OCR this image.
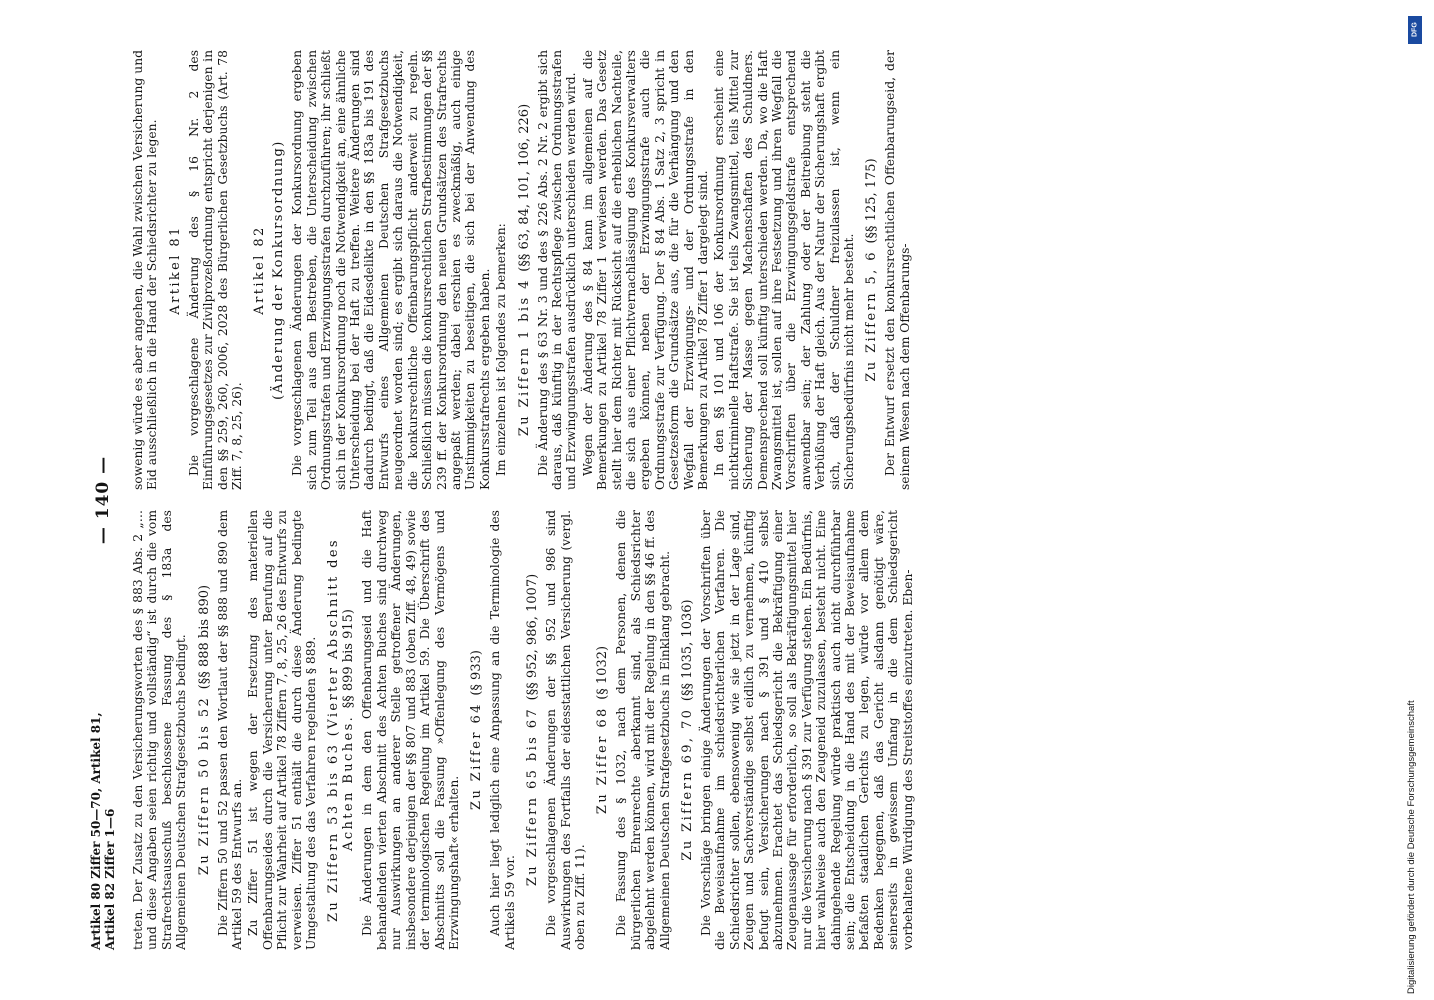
Artikel 80 Ziffer 50—70, Artikel 81, Artikel 82 Ziffer 1—6
— 140 —

treten. Der Zusatz zu den Versicherungsworten des § 883 Abs. 2 „… und diese Angaben seien richtig und vollständig“ ist durch die vom Strafrechtsausschuß beschlossene Fassung des § 183a des Allgemeinen Deutschen Strafgesetzbuchs bedingt. Zu Ziffern 50 bis 52 (§§ 888 bis 890) Die Ziffern 50 und 52 passen den Wortlaut der §§ 888 und 890 dem Artikel 59 des Entwurfs an. Zu Ziffer 51 ist wegen der Ersetzung des materiellen Offenbarungseides durch die Versicherung unter Berufung auf die Pflicht zur Wahrheit auf Artikel 78 Ziffern 7, 8, 25, 26 des Entwurfs zu verweisen. Ziffer 51 enthält die durch diese Änderung bedingte Umgestaltung des das Verfahren regelnden § 889. Zu Ziffern 53 bis 63 (Vierter Abschnitt des Achten Buches. §§ 899 bis 915) Die Änderungen in dem den Offenbarungseid und die Haft behandelnden vierten Abschnitt des Achten Buches sind durchweg nur Auswirkungen an anderer Stelle getroffener Änderungen, insbesondere derjenigen der §§ 807 und 883 (oben Ziff. 48, 49) sowie der terminologischen Regelung im Artikel 59. Die Überschrift des Abschnitts soll die Fassung »Offenlegung des Vermögens und Erzwingungshaft« erhalten.

Zu Ziffer 64 (§ 933) Auch hier liegt lediglich eine Anpassung an die Terminologie des Artikels 59 vor.

Zu Ziffern 65 bis 67 (§§ 952, 986, 1007) Die vorgeschlagenen Änderungen der §§ 952 und 986 sind Auswirkungen des Fortfalls der eidesstattlichen Versicherung (vergl. oben zu Ziff. 11).

Zu Ziffer 68 (§ 1032) Die Fassung des § 1032, nach dem Personen, denen die bürgerlichen Ehrenrechte aberkannt sind, als Schiedsrichter abgelehnt werden können, wird mit der Regelung in den §§ 46 ff. des Allgemeinen Deutschen Strafgesetzbuchs in Einklang gebracht. Zu Ziffern 69, 70 (§§ 1035, 1036) Die Vorschläge bringen einige Änderungen der Vorschriften über die Beweisaufnahme im schiedsrichterlichen Verfahren. Die Schiedsrichter sollen, ebensowenig wie sie jetzt in der Lage sind, Zeugen und Sachverständige selbst eidlich zu vernehmen, künftig befugt sein, Versicherungen nach § 391 und § 410 selbst abzunehmen. Erachtet das Schiedsgericht die Bekräftigung einer Zeugenaussage für erforderlich, so soll als Bekräftigungsmittel hier nur die Versicherung nach § 391 zur Verfügung stehen. Ein Bedürfnis, hier wahlweise auch den Zeugeneid zuzulassen, besteht nicht. Eine dahingehende Regelung würde praktisch auch nicht durchführbar sein; die Entscheidung in die Hand des mit der Beweisaufnahme befaßten staatlichen Gerichts zu legen, würde vor allem dem Bedenken begegnen, daß das Gericht alsdann genötigt wäre, seinerseits in gewissem Umfang in die dem Schiedsgericht vorbehaltene Würdigung des Streitstoffes einzutreten. Eben-

sowenig würde es aber angehen, die Wahl zwischen Versicherung und Eid ausschließlich in die Hand der Schiedsrichter zu legen. Artikel 81 Die vorgeschlagene Änderung des § 16 Nr. 2 des Einführungsgesetzes zur Zivilprozeßordnung entspricht derjenigen in den §§ 259, 260, 2006, 2028 des Bürgerlichen Gesetzbuchs (Art. 78 Ziff. 7, 8, 25, 26).

Artikel 82 (Änderung der Konkursordnung) Die vorgeschlagenen Änderungen der Konkursordnung ergeben sich zum Teil aus dem Bestreben, die Unterscheidung zwischen Ordnungsstrafen und Erzwingungsstrafen durchzuführen; ihr schließt sich in der Konkursordnung noch die Notwendigkeit an, eine ähnliche Unterscheidung bei der Haft zu treffen. Weitere Änderungen sind dadurch bedingt, daß die Eidesdelikte in den §§ 183a bis 191 des Entwurfs eines Allgemeinen Deutschen Strafgesetzbuchs neugeordnet worden sind; es ergibt sich daraus die Notwendigkeit, die konkursrechtliche Offenbarungspflicht anderweit zu regeln. Schließlich müssen die konkursrechtlichen Strafbestimmungen der §§ 239 ff. der Konkursordnung den neuen Grundsätzen des Strafrechts angepaßt werden; dabei erschien es zweckmäßig, auch einige Unstimmigkeiten zu beseitigen, die sich bei der Anwendung des Konkursstrafrechts ergeben haben. Im einzelnen ist folgendes zu bemerken: Zu Ziffern 1 bis 4 (§§ 63, 84, 101, 106, 226) Die Änderung des § 63 Nr. 3 und des § 226 Abs. 2 Nr. 2 ergibt sich daraus, daß künftig in der Rechtspflege zwischen Ordnungsstrafen und Erzwingungsstrafen ausdrücklich unterschieden werden wird. Wegen der Änderung des § 84 kann im allgemeinen auf die Bemerkungen zu Artikel 78 Ziffer 1 verwiesen werden. Das Gesetz stellt hier dem Richter mit Rücksicht auf die erheblichen Nachteile, die sich aus einer Pflichtvernachlässigung des Konkursverwalters ergeben können, neben der Erzwingungsstrafe auch die Ordnungsstrafe zur Verfügung. Der § 84 Abs. 1 Satz 2, 3 spricht in Gesetzesform die Grundsätze aus, die für die Verhängung und den Wegfall der Erzwingungs- und der Ordnungsstrafe in den Bemerkungen zu Artikel 78 Ziffer 1 dargelegt sind. In den §§ 101 und 106 der Konkursordnung erscheint eine nichtkriminelle Haftstrafe. Sie ist teils Zwangsmittel, teils Mittel zur Sicherung der Masse gegen Machenschaften des Schuldners. Demensprechend soll künftig unterschieden werden. Da, wo die Haft Zwangsmittel ist, sollen auf ihre Festsetzung und ihren Wegfall die Vorschriften über die Erzwingungsgeldstrafe entsprechend anwendbar sein; der Zahlung oder der Beitreibung steht die Verbüßung der Haft gleich. Aus der Natur der Sicherungshaft ergibt sich, daß der Schuldner freizulassen ist, wenn ein Sicherungsbedürfnis nicht mehr besteht. Zu Ziffern 5, 6 (§§ 125, 175) Der Entwurf ersetzt den konkursrechtlichen Offenbarungseid, der seinem Wesen nach dem Offenbarungs-

DFG
Digitalisierung gefördert durch die Deutsche Forschungsgemeinschaft
